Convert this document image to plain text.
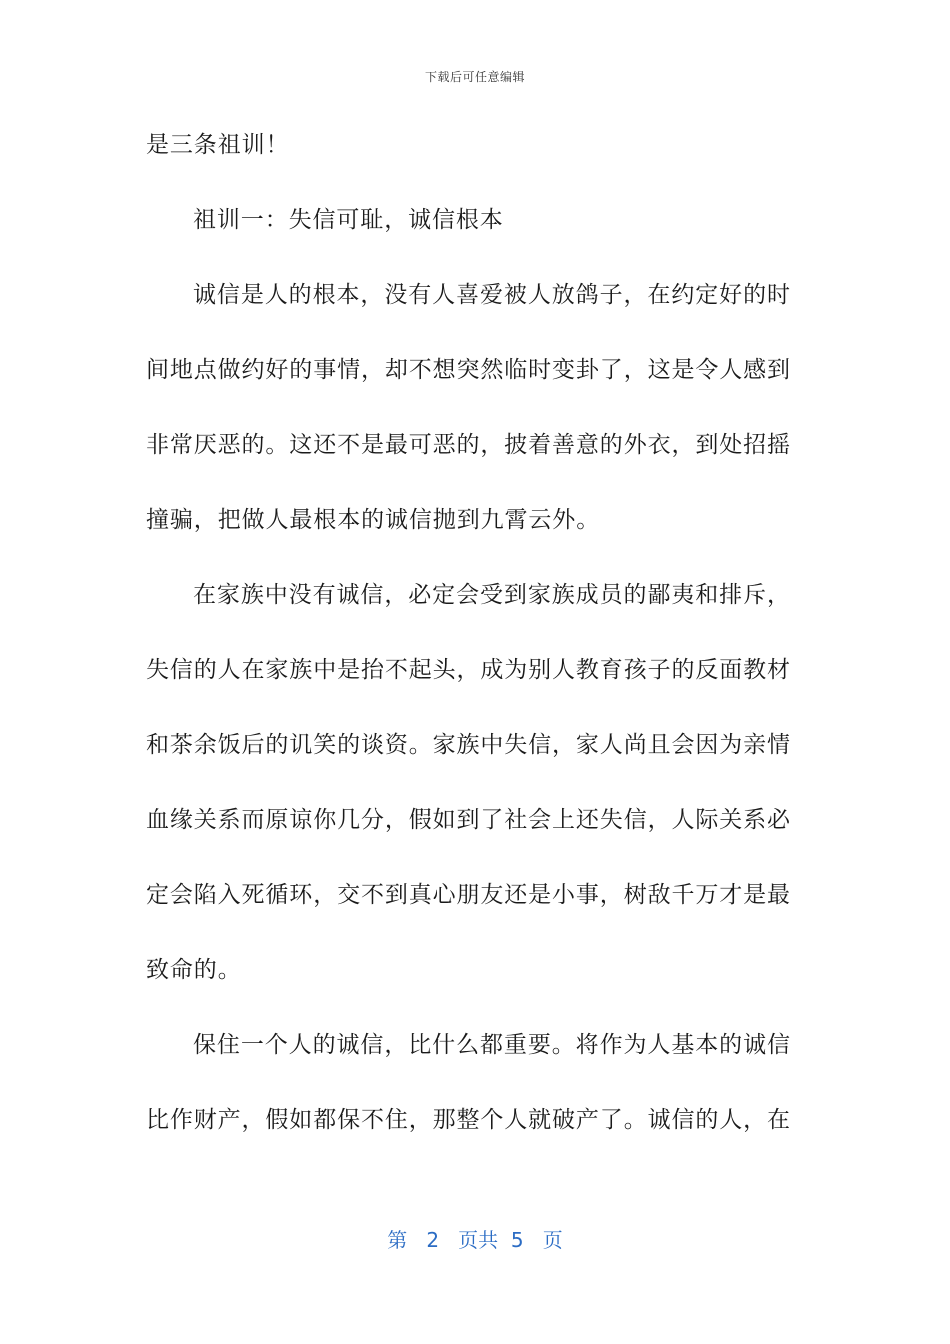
下载后可任意编辑
是三条祖训！
祖训一：失信可耻，诚信根本
诚信是人的根本，没有人喜爱被人放鸽子，在约定好的时
间地点做约好的事情，却不想突然临时变卦了，这是令人感到
非常厌恶的。这还不是最可恶的，披着善意的外衣，到处招摇
撞骗，把做人最根本的诚信抛到九霄云外。
在家族中没有诚信，必定会受到家族成员的鄙夷和排斥，
失信的人在家族中是抬不起头，成为别人教育孩子的反面教材
和茶余饭后的讥笑的谈资。家族中失信，家人尚且会因为亲情
血缘关系而原谅你几分，假如到了社会上还失信，人际关系必
定会陷入死循环，交不到真心朋友还是小事，树敌千万才是最
致命的。
保住一个人的诚信，比什么都重要。将作为人基本的诚信
比作财产，假如都保不住，那整个人就破产了。诚信的人，在
第 2 页共 5 页
